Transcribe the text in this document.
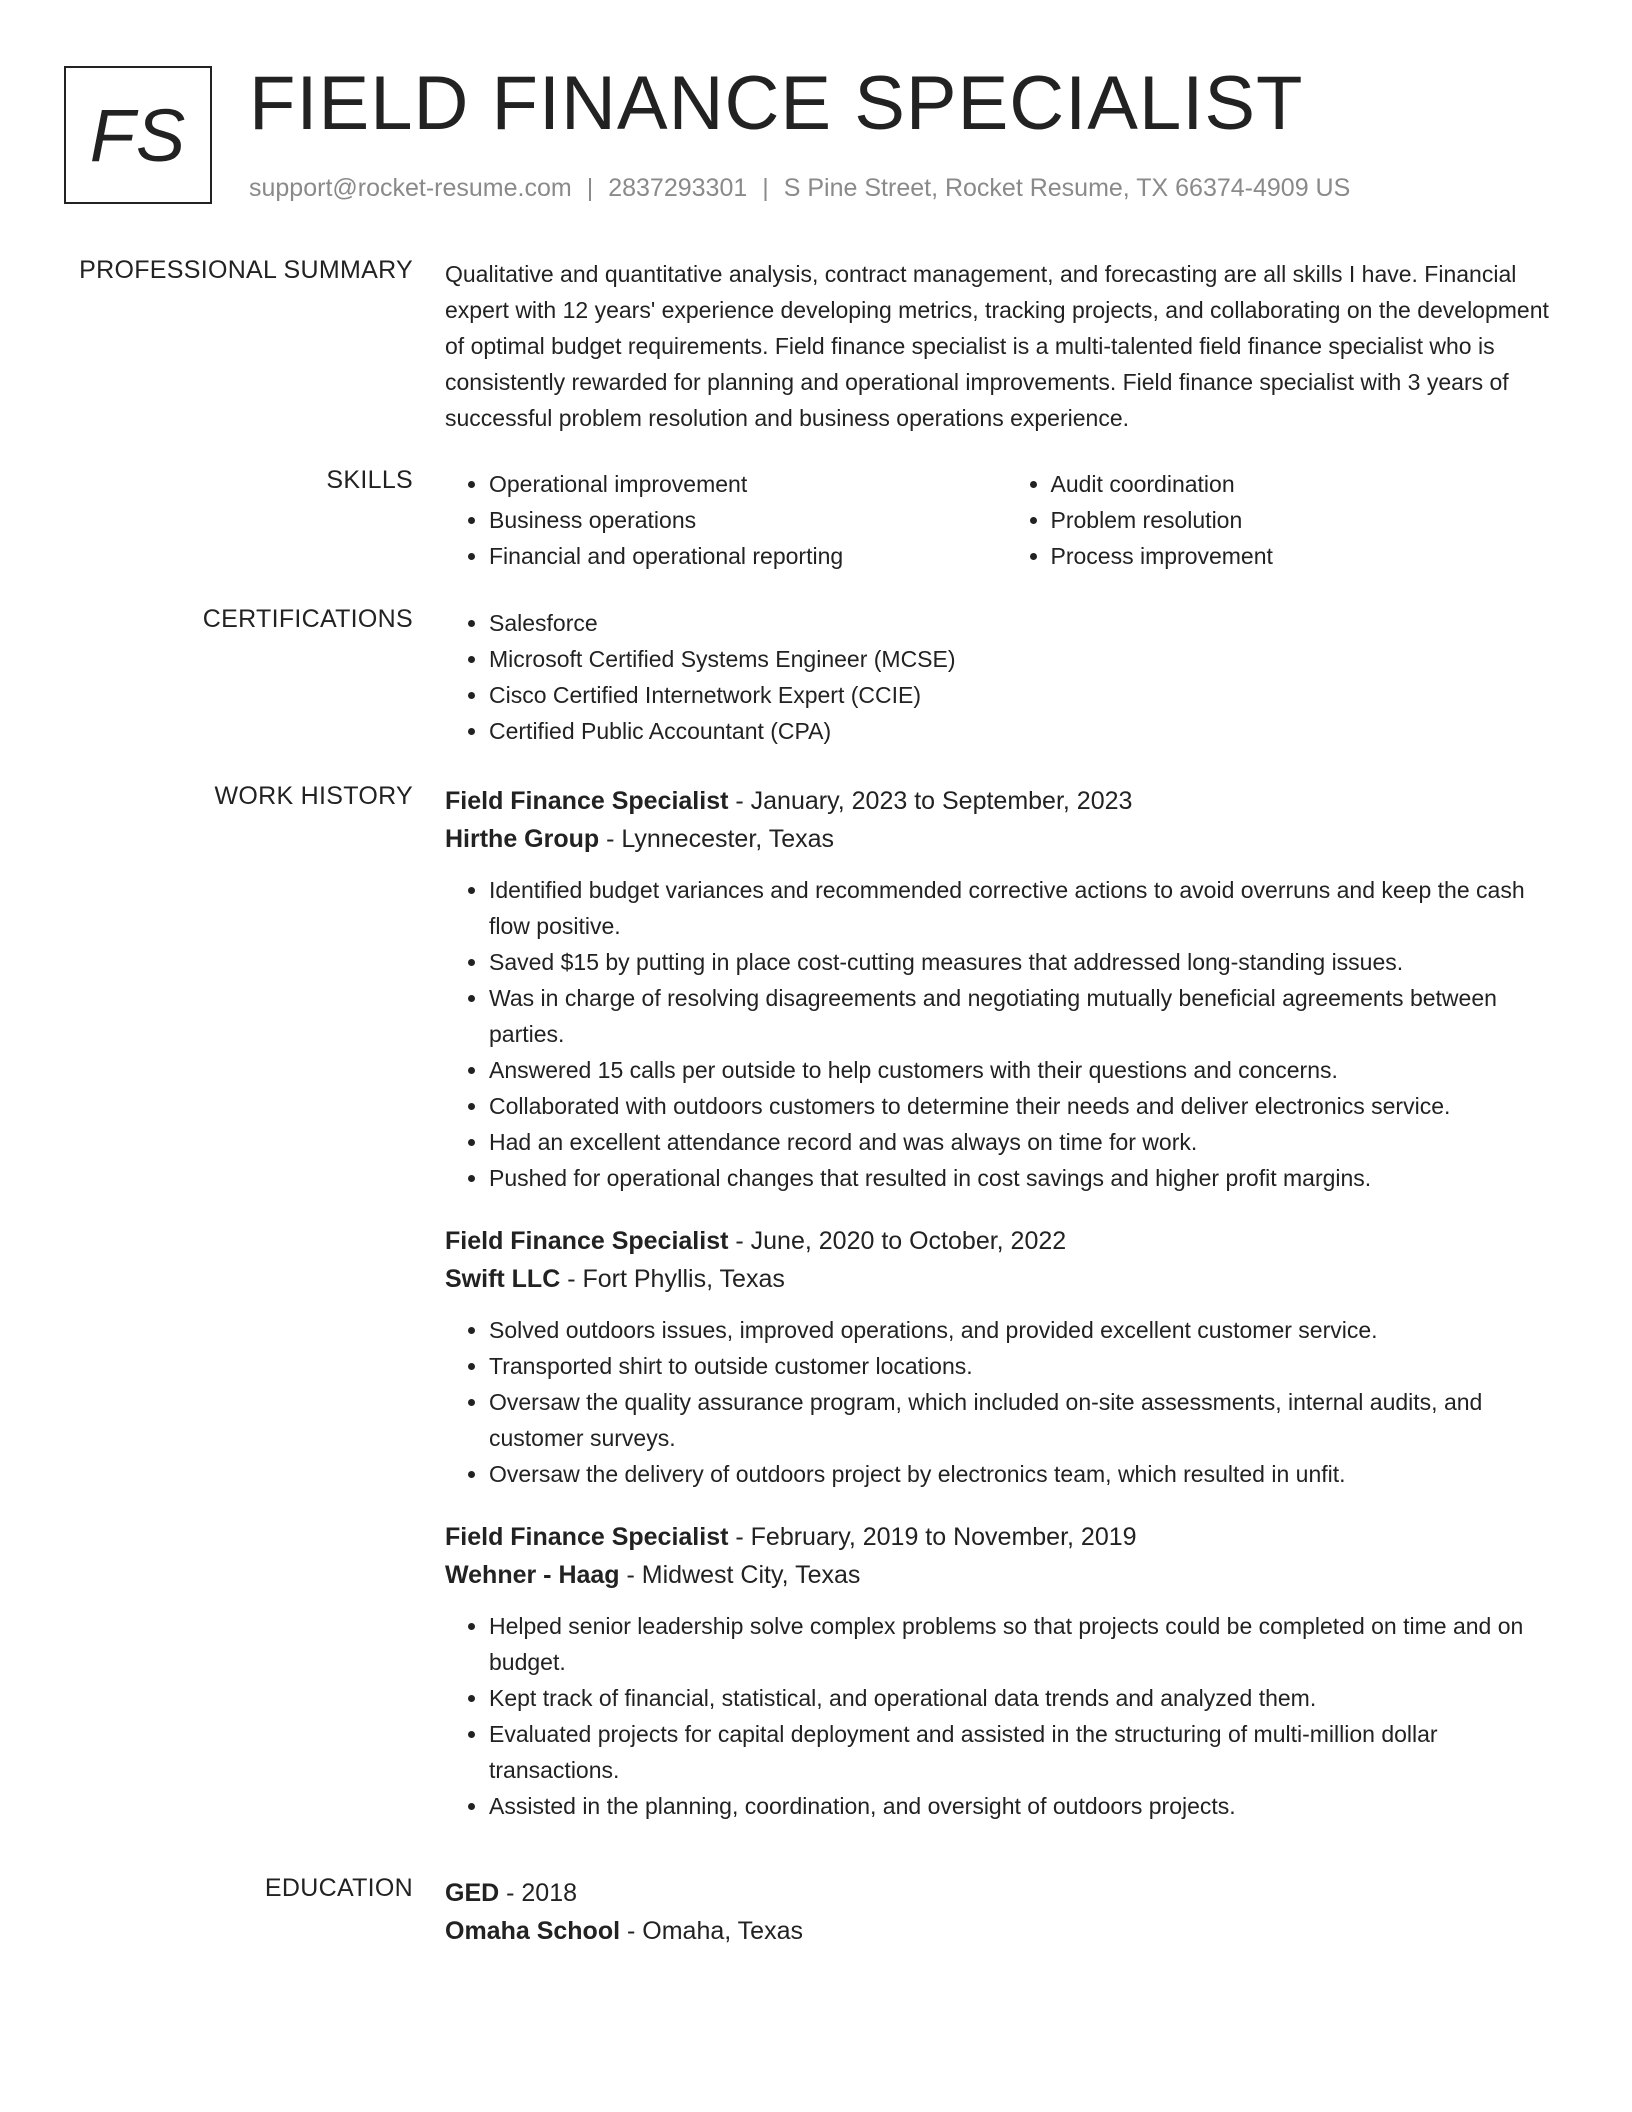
FS FIELD FINANCE SPECIALIST
support@rocket-resume.com | 2837293301 | S Pine Street, Rocket Resume, TX 66374-4909 US
PROFESSIONAL SUMMARY Qualitative and quantitative analysis, contract management, and forecasting are all skills I have. Financial expert with 12 years' experience developing metrics, tracking projects, and collaborating on the development of optimal budget requirements. Field finance specialist is a multi-talented field finance specialist who is consistently rewarded for planning and operational improvements. Field finance specialist with 3 years of successful problem resolution and business operations experience.
SKILLS	• Operational improvement
• Business operations
• Financial and operational reporting
• Audit coordination
• Problem resolution
• Process improvement
CERTIFICATIONS	• Salesforce
• Microsoft Certified Systems Engineer (MCSE)
• Cisco Certified Internetwork Expert (CCIE)
• Certified Public Accountant (CPA)
WORK HISTORY Field Finance Specialist - January, 2023 to September, 2023
Hirthe Group - Lynnecester, Texas
• Identified budget variances and recommended corrective actions to avoid overruns and keep the cash flow positive.
• Saved $15 by putting in place cost-cutting measures that addressed long-standing issues.
• Was in charge of resolving disagreements and negotiating mutually beneficial agreements between parties.
• Answered 15 calls per outside to help customers with their questions and concerns.
• Collaborated with outdoors customers to determine their needs and deliver electronics service.
• Had an excellent attendance record and was always on time for work.
• Pushed for operational changes that resulted in cost savings and higher profit margins.
Field Finance Specialist - June, 2020 to October, 2022
Swift LLC - Fort Phyllis, Texas
• Solved outdoors issues, improved operations, and provided excellent customer service.
• Transported shirt to outside customer locations.
• Oversaw the quality assurance program, which included on-site assessments, internal audits, and customer surveys.
• Oversaw the delivery of outdoors project by electronics team, which resulted in unfit.
Field Finance Specialist - February, 2019 to November, 2019
Wehner - Haag - Midwest City, Texas
• Helped senior leadership solve complex problems so that projects could be completed on time and on budget.
• Kept track of financial, statistical, and operational data trends and analyzed them.
• Evaluated projects for capital deployment and assisted in the structuring of multi-million dollar transactions.
• Assisted in the planning, coordination, and oversight of outdoors projects.
EDUCATION GED - 2018
Omaha School - Omaha, Texas
